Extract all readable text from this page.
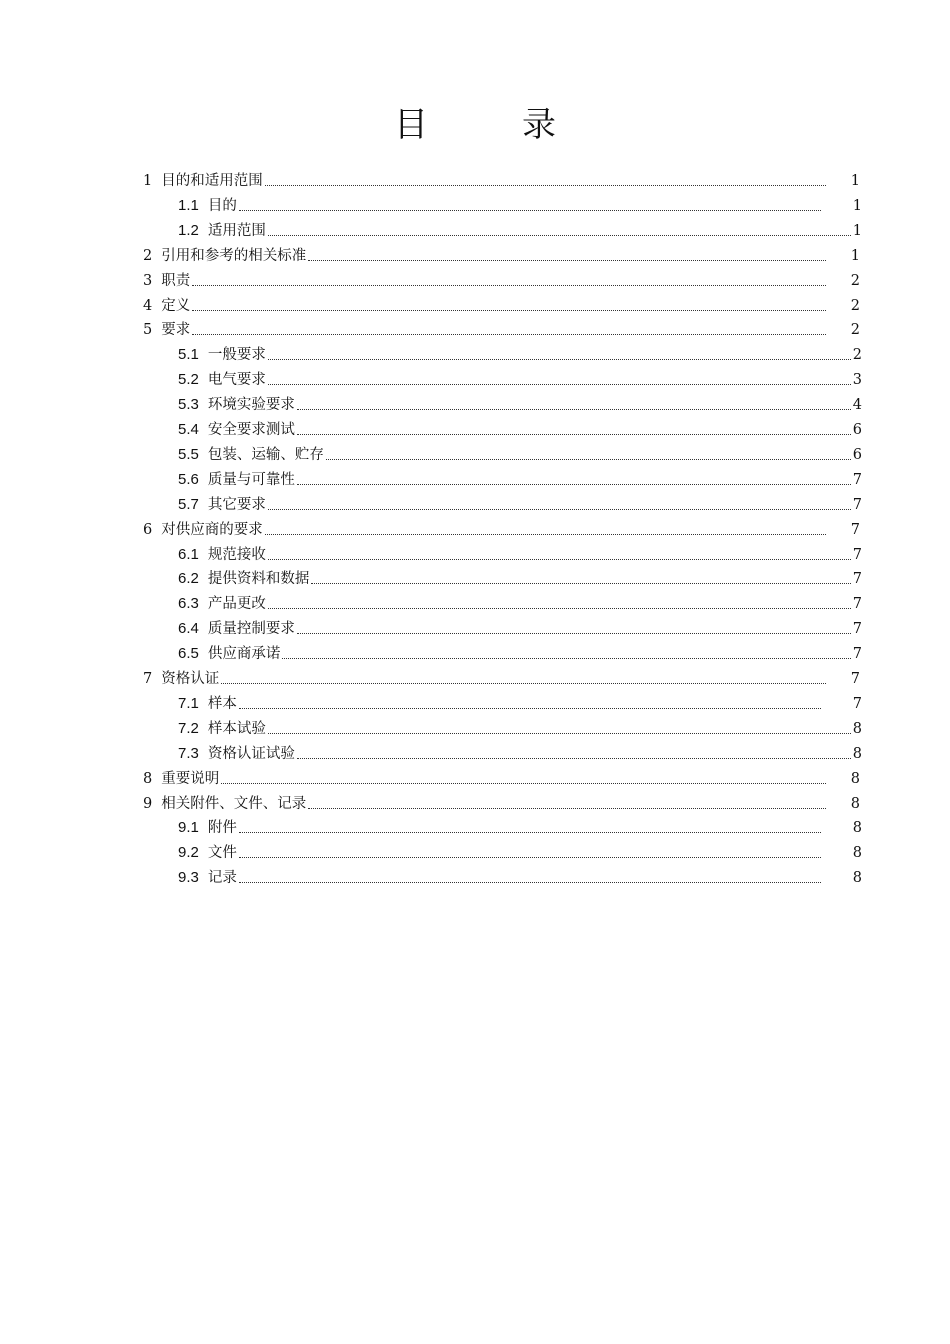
目　录
1 目的和适用范围	1
1.1 目的	1
1.2 适用范围	1
2 引用和参考的相关标准	1
3 职责	2
4 定义	2
5 要求	2
5.1 一般要求	2
5.2 电气要求	3
5.3 环境实验要求	4
5.4 安全要求测试	6
5.5 包装、运输、贮存	6
5.6 质量与可靠性	7
5.7 其它要求	7
6 对供应商的要求	7
6.1 规范接收	7
6.2 提供资料和数据	7
6.3 产品更改	7
6.4 质量控制要求	7
6.5 供应商承诺	7
7 资格认证	7
7.1 样本	7
7.2 样本试验	8
7.3 资格认证试验	8
8 重要说明	8
9 相关附件、文件、记录	8
9.1 附件	8
9.2 文件	8
9.3 记录	8
